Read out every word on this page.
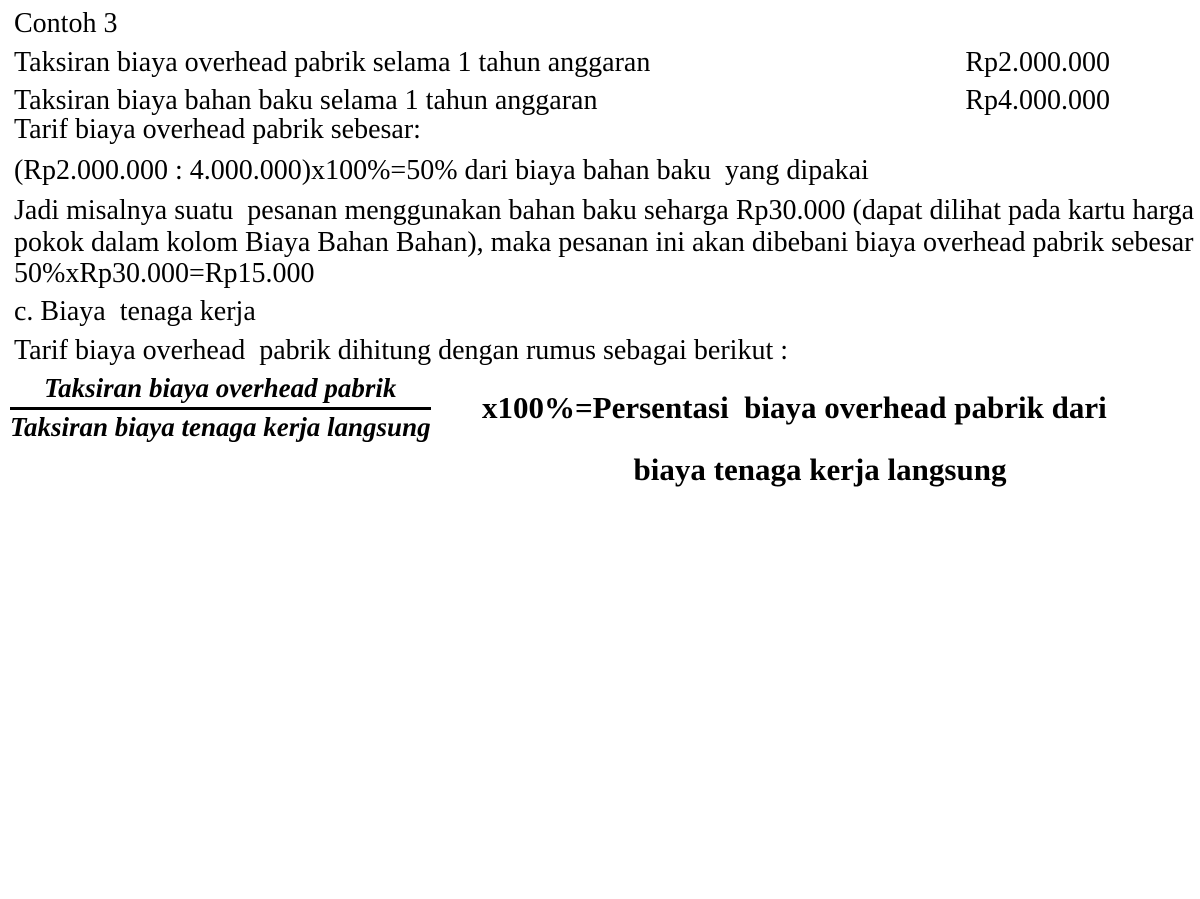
Contoh 3
Taksiran biaya overhead pabrik selama 1 tahun anggaran	Rp2.000.000
Taksiran biaya bahan baku selama 1 tahun anggaran	Rp4.000.000
Tarif biaya overhead pabrik sebesar:
(Rp2.000.000 : 4.000.000)x100%=50% dari biaya bahan baku  yang dipakai
Jadi misalnya suatu  pesanan menggunakan bahan baku seharga Rp30.000 (dapat dilihat pada kartu harga
pokok dalam kolom Biaya Bahan Bahan), maka pesanan ini akan dibebani biaya overhead pabrik sebesar
50%xRp30.000=Rp15.000
c. Biaya  tenaga kerja
Tarif biaya overhead  pabrik dihitung dengan rumus sebagai berikut :
$\frac{\text{Taksiran biaya overhead pabrik}}{\text{Taksiran biaya tenaga kerja langsung}}$ x100%=Persentasi  biaya overhead pabrik dari
biaya tenaga kerja langsung
